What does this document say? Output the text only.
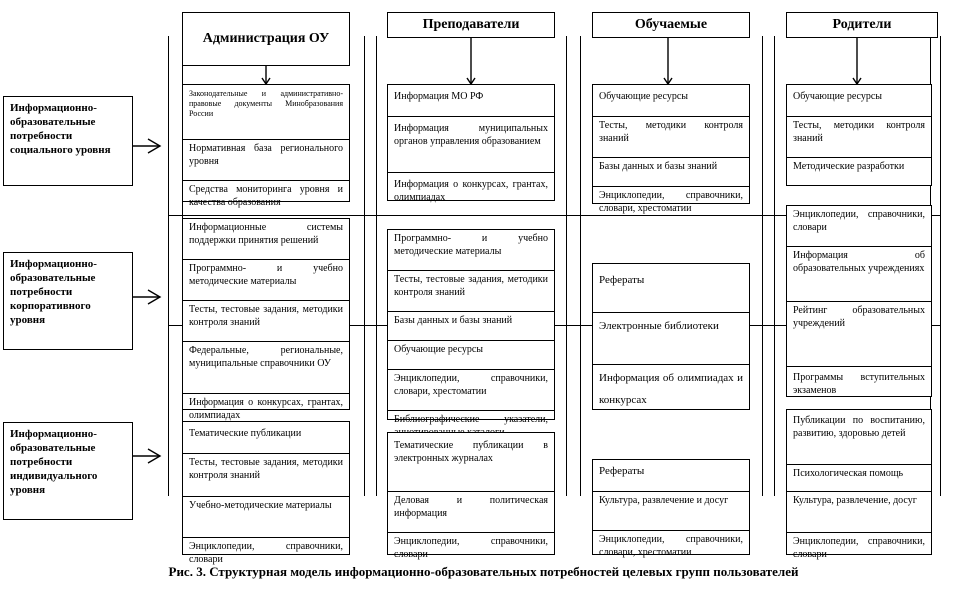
Администрация ОУ
Преподаватели	Обучаемые	Родители
Информационно-образовательные потребности социального уровня
Информационно-образовательные потребности корпоративного уровня
Информационно-образовательные потребности индивидуального уровня
Законодательные и административно-правовые документы Минобразования России
Нормативная база регионального уровня
Средства мониторинга уровня и качества образования
Информационные системы поддержки принятия решений
Программно- и учебно методические материалы
Тесты, тестовые задания, методики контроля знаний
Федеральные, региональные, муниципальные справочники ОУ
Информация о конкурсах, грантах, олимпиадах
Тематические публикации
Тесты, тестовые задания, методики контроля знаний
Учебно-методические материалы
Энциклопедии, справочники, словари
Информация МО РФ
Информация муниципальных органов управления образованием
Информация о конкурсах, грантах, олимпиадах
Программно- и учебно методические материалы
Тесты, тестовые задания, методики контроля знаний
Базы данных и базы знаний
Обучающие ресурсы
Энциклопедии, справочники, словари, хрестоматии
Библиографические указатели,
Тематические публикации в электронных журналах
Деловая и политическая информация
Энциклопедии, справочники, словари
Обучающие ресурсы
Тесты, методики контроля знаний
Базы данных и базы знаний
Энциклопедии, справочники, словари, хрестоматии
Рефераты
Электронные библиотеки
Информация об олимпиадах и конкурсах
Рефераты
Культура, развлечение и досуг
Энциклопедии, справочники, словари, хрестоматии
Обучающие ресурсы
Тесты, методики контроля знаний
Методические разработки
Энциклопедии, справочники, словари
Информация об образовательных учреждениях
Рейтинг образовательных учреждений
Программы вступительных экзаменов
Публикации по воспитанию, развитию, здоровью детей
Психологическая помощь
Культура, развлечение, досуг
Энциклопедии, справочники, словари
Рис. 3. Структурная модель информационно-образовательных потребностей целевых групп пользователей
